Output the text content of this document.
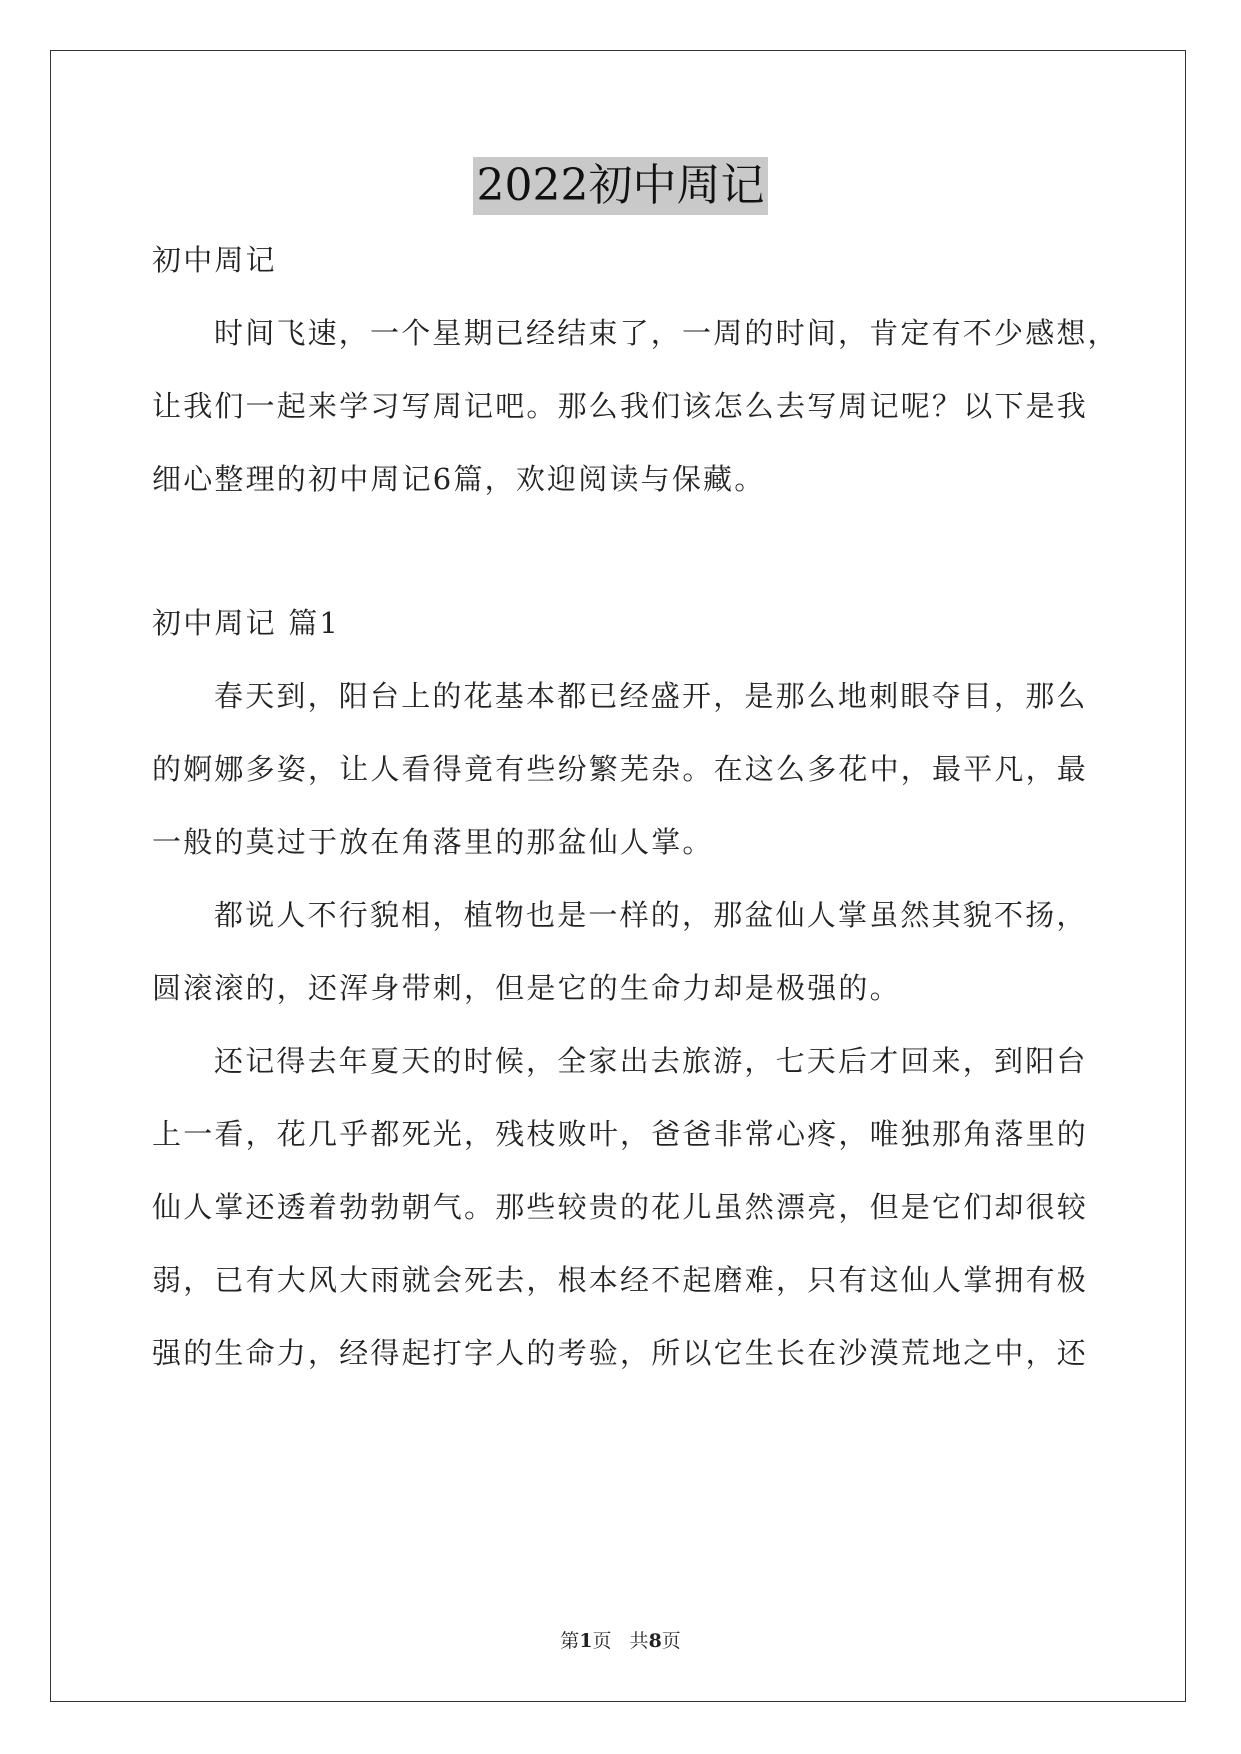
2022初中周记
初中周记
时间飞速，一个星期已经结束了，一周的时间，肯定有不少感想，
让我们一起来学习写周记吧。那么我们该怎么去写周记呢？以下是我
细心整理的初中周记6篇，欢迎阅读与保藏。
初中周记 篇1
春天到，阳台上的花基本都已经盛开，是那么地刺眼夺目，那么
的婀娜多姿，让人看得竟有些纷繁芜杂。在这么多花中，最平凡，最
一般的莫过于放在角落里的那盆仙人掌。
都说人不行貌相，植物也是一样的，那盆仙人掌虽然其貌不扬，
圆滚滚的，还浑身带刺，但是它的生命力却是极强的。
还记得去年夏天的时候，全家出去旅游，七天后才回来，到阳台
上一看，花几乎都死光，残枝败叶，爸爸非常心疼，唯独那角落里的
仙人掌还透着勃勃朝气。那些较贵的花儿虽然漂亮，但是它们却很较
弱，已有大风大雨就会死去，根本经不起磨难，只有这仙人掌拥有极
强的生命力，经得起打字人的考验，所以它生长在沙漠荒地之中，还
第1页   共8页
